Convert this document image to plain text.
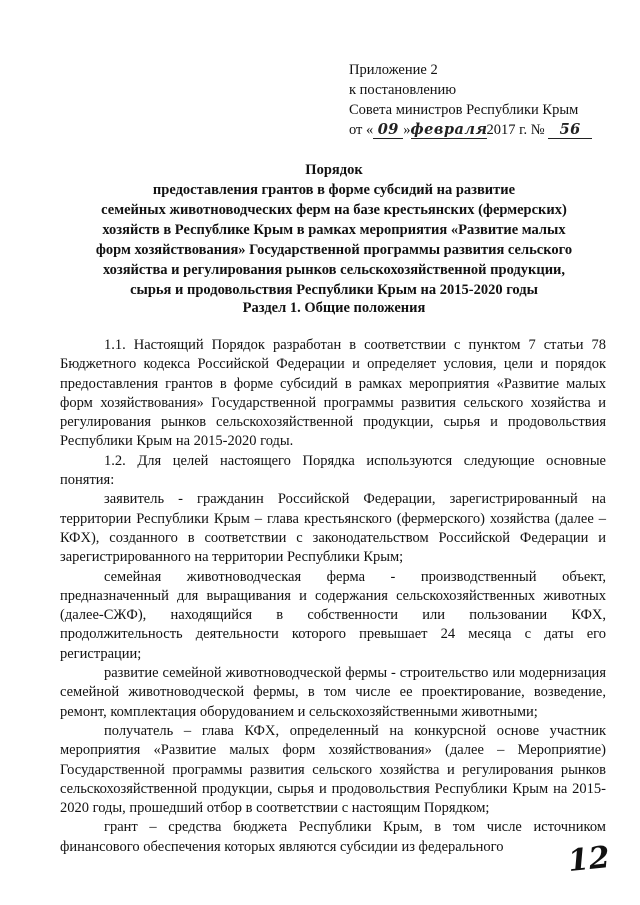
Приложение 2
к постановлению
Совета министров Республики Крым
от « 09 »февраля2017 г. № 56
Порядок
предоставления грантов в форме субсидий на развитие
семейных животноводческих ферм на базе крестьянских (фермерских)
хозяйств в Республике Крым в рамках мероприятия «Развитие малых
форм хозяйствования» Государственной программы развития сельского
хозяйства и регулирования рынков сельскохозяйственной продукции,
сырья и продовольствия Республики Крым на 2015-2020 годы
Раздел 1. Общие положения

1.1. Настоящий Порядок разработан в соответствии с пунктом 7 статьи 78 Бюджетного кодекса Российской Федерации и определяет условия, цели и порядок предоставления грантов в форме субсидий в рамках мероприятия «Развитие малых форм хозяйствования» Государственной программы развития сельского хозяйства и регулирования рынков сельскохозяйственной продукции, сырья и продовольствия Республики Крым на 2015-2020 годы.

1.2. Для целей настоящего Порядка используются следующие основные понятия:

заявитель - гражданин Российской Федерации, зарегистрированный на территории Республики Крым – глава крестьянского (фермерского) хозяйства (далее – КФХ), созданного в соответствии с законодательством Российской Федерации и зарегистрированного на территории Республики Крым;

семейная животноводческая ферма - производственный объект, предназначенный для выращивания и содержания сельскохозяйственных животных (далее-СЖФ), находящийся в собственности или пользовании КФХ, продолжительность деятельности которого превышает 24 месяца с даты его регистрации;

развитие семейной животноводческой фермы - строительство или модернизация семейной животноводческой фермы, в том числе ее проектирование, возведение, ремонт, комплектация оборудованием и сельскохозяйственными животными;

получатель – глава КФХ, определенный на конкурсной основе участник мероприятия «Развитие малых форм хозяйствования» (далее – Мероприятие) Государственной программы развития сельского хозяйства и регулирования рынков сельскохозяйственной продукции, сырья и продовольствия Республики Крым на 2015-2020 годы, прошедший отбор в соответствии с настоящим Порядком;

грант – средства бюджета Республики Крым, в том числе источником финансового обеспечения которых являются субсидии из федерального	12
